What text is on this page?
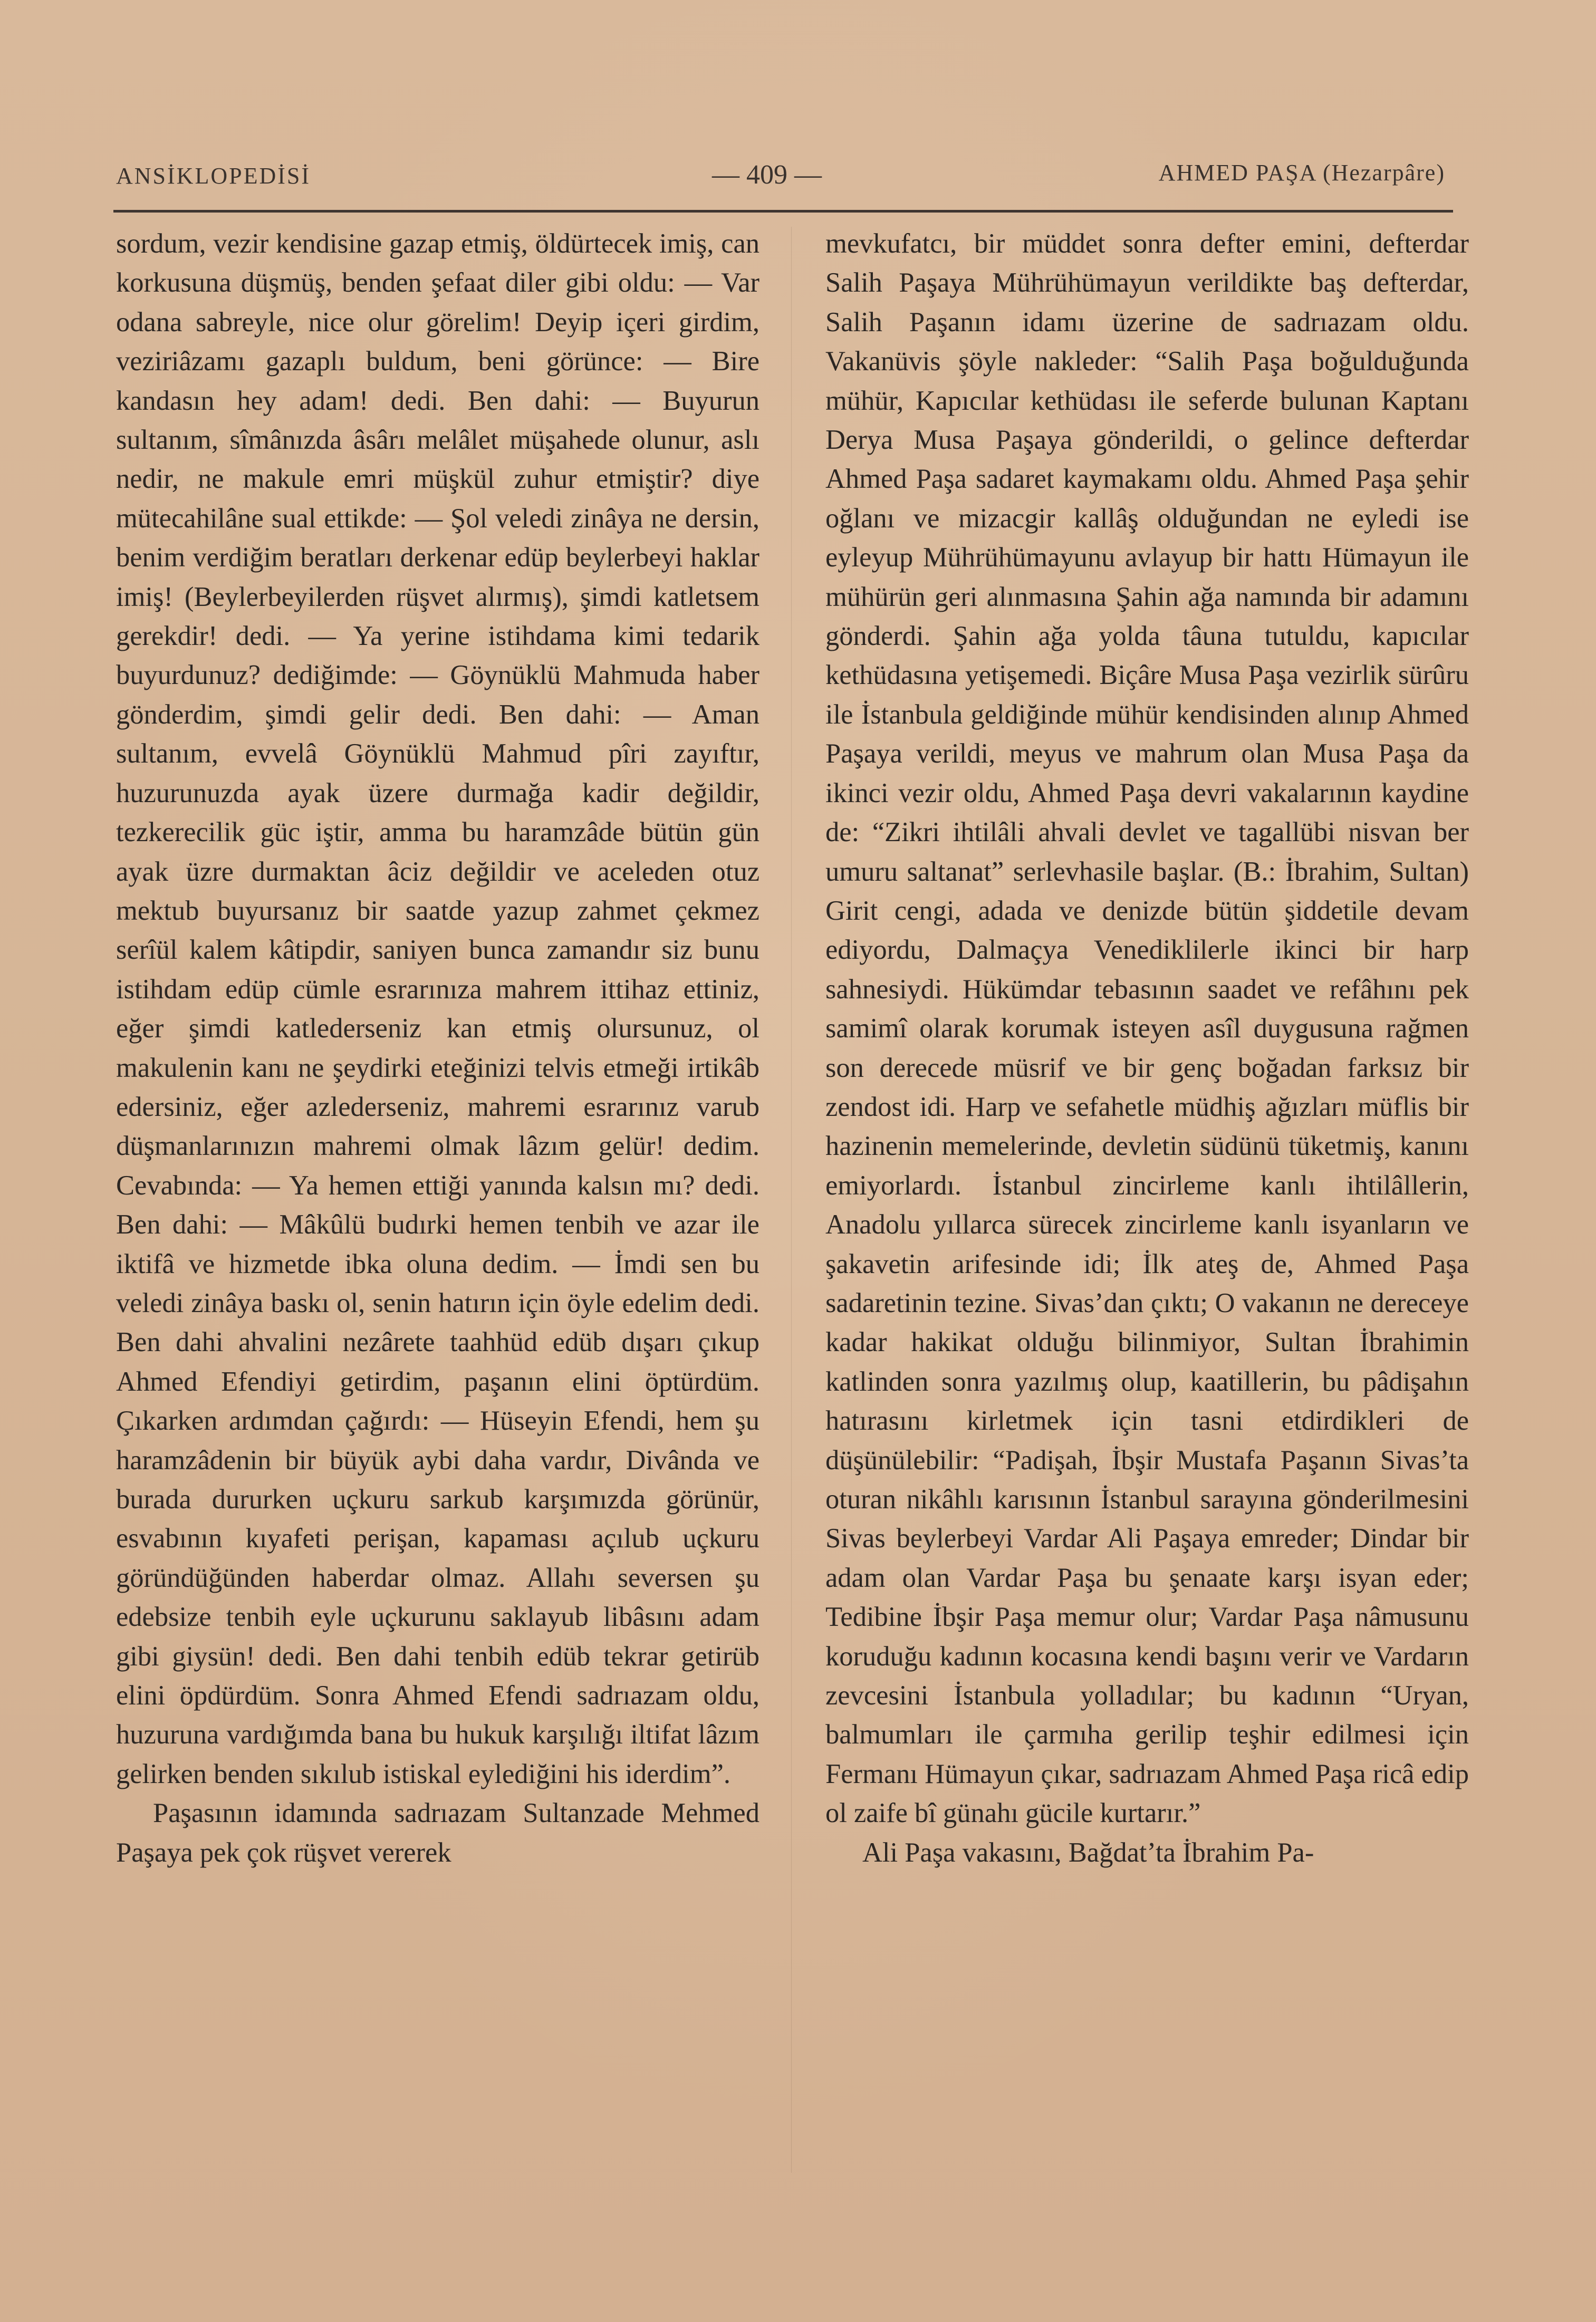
ANSİKLOPEDİSİ	— 409 —	AHMED PAŞA (Hezarpâre)

sordum, vezir kendisine gazap etmiş, öldürtecek imiş, can korkusuna düşmüş, benden şefaat diler gibi oldu: — Var odana sabreyle, nice olur görelim! Deyip içeri girdim, veziriâzamı gazaplı buldum, beni görünce: — Bire kandasın hey adam! dedi. Ben dahi: — Buyurun sultanım, sîmânızda âsârı melâlet müşahede olunur, aslı nedir, ne makule emri müşkül zuhur etmiştir? diye mütecahilâne sual ettikde: — Şol veledi zinâya ne dersin, benim verdiğim beratları derkenar edüp beylerbeyi haklar imiş! (Beylerbeyilerden rüşvet alırmış), şimdi katletsem gerekdir! dedi. — Ya yerine istihdama kimi tedarik buyurdunuz? dediğimde: — Göynüklü Mahmuda haber gönderdim, şimdi gelir dedi. Ben dahi: — Aman sultanım, evvelâ Göynüklü Mahmud pîri zayıftır, huzurunuzda ayak üzere durmağa kadir değildir, tezkerecilik güc iştir, amma bu haramzâde bütün gün ayak üzre durmaktan âciz değildir ve aceleden otuz mektub buyursanız bir saatde yazup zahmet çekmez serîül kalem kâtipdir, saniyen bunca zamandır siz bunu istihdam edüp cümle esrarınıza mahrem ittihaz ettiniz, eğer şimdi katlederseniz kan etmiş olursunuz, ol makulenin kanı ne şeydirki eteğinizi telvis etmeği irtikâb edersiniz, eğer azlederseniz, mahremi esrarınız varub düşmanlarınızın mahremi olmak lâzım gelür! dedim. Cevabında: — Ya hemen ettiği yanında kalsın mı? dedi. Ben dahi: — Mâkûlü budırki hemen tenbih ve azar ile iktifâ ve hizmetde ibka oluna dedim. — İmdi sen bu veledi zinâya baskı ol, senin hatırın için öyle edelim dedi. Ben dahi ahvalini nezârete taahhüd edüb dışarı çıkup Ahmed Efendiyi getirdim, paşanın elini öptürdüm. Çıkarken ardımdan çağırdı: — Hüseyin Efendi, hem şu haramzâdenin bir büyük aybi daha vardır, Divânda ve burada dururken uçkuru sarkub karşımızda görünür, esvabının kıyafeti perişan, kapaması açılub uçkuru göründüğünden haberdar olmaz. Allahı seversen şu edebsize tenbih eyle uçkurunu saklayub libâsını adam gibi giysün! dedi. Ben dahi tenbih edüb tekrar getirüb elini öpdürdüm. Sonra Ahmed Efendi sadrıazam oldu, huzuruna vardığımda bana bu hukuk karşılığı iltifat lâzım gelirken benden sıkılub istiskal eylediğini his iderdim”.

Paşasının idamında sadrıazam Sultanzade Mehmed Paşaya pek çok rüşvet vererek

mevkufatcı, bir müddet sonra defter emini, defterdar Salih Paşaya Mührühümayun verildikte baş defterdar, Salih Paşanın idamı üzerine de sadrıazam oldu. Vakanüvis şöyle nakleder: “Salih Paşa boğulduğunda mühür, Kapıcılar kethüdası ile seferde bulunan Kaptanı Derya Musa Paşaya gönderildi, o gelince defterdar Ahmed Paşa sadaret kaymakamı oldu. Ahmed Paşa şehir oğlanı ve mizacgir kallâş olduğundan ne eyledi ise eyleyup Mührühümayunu avlayup bir hattı Hümayun ile mühürün geri alınmasına Şahin ağa namında bir adamını gönderdi. Şahin ağa yolda tâuna tutuldu, kapıcılar kethüdasına yetişemedi. Biçâre Musa Paşa vezirlik sürûru ile İstanbula geldiğinde mühür kendisinden alınıp Ahmed Paşaya verildi, meyus ve mahrum olan Musa Paşa da ikinci vezir oldu, Ahmed Paşa devri vakalarının kaydine de: “Zikri ihtilâli ahvali devlet ve tagallübi nisvan ber umuru saltanat” serlevhasile başlar. (B.: İbrahim, Sultan) Girit cengi, adada ve denizde bütün şiddetile devam ediyordu, Dalmaçya Venediklilerle ikinci bir harp sahnesiydi. Hükümdar tebasının saadet ve refâhını pek samimî olarak korumak isteyen asîl duygusuna rağmen son derecede müsrif ve bir genç boğadan farksız bir zendost idi. Harp ve sefahetle müdhiş ağızları müflis bir hazinenin memelerinde, devletin südünü tüketmiş, kanını emiyorlardı. İstanbul zincirleme kanlı ihtilâllerin, Anadolu yıllarca sürecek zincirleme kanlı isyanların ve şakavetin arifesinde idi; İlk ateş de, Ahmed Paşa sadaretinin tezine. Sivas’dan çıktı; O vakanın ne dereceye kadar hakikat olduğu bilinmiyor, Sultan İbrahimin katlinden sonra yazılmış olup, kaatillerin, bu pâdişahın hatırasını kirletmek için tasni etdirdikleri de düşünülebilir: “Padişah, İbşir Mustafa Paşanın Sivas’ta oturan nikâhlı karısının İstanbul sarayına gönderilmesini Sivas beylerbeyi Vardar Ali Paşaya emreder; Dindar bir adam olan Vardar Paşa bu şenaate karşı isyan eder; Tedibine İbşir Paşa memur olur; Vardar Paşa nâmusunu koruduğu kadının kocasına kendi başını verir ve Vardarın zevcesini İstanbula yolladılar; bu kadının “Uryan, balmumları ile çarmıha gerilip teşhir edilmesi için Fermanı Hümayun çıkar, sadrıazam Ahmed Paşa ricâ edip ol zaife bî günahı gücile kurtarır.”

Ali Paşa vakasını, Bağdat’ta İbrahim Pa-
